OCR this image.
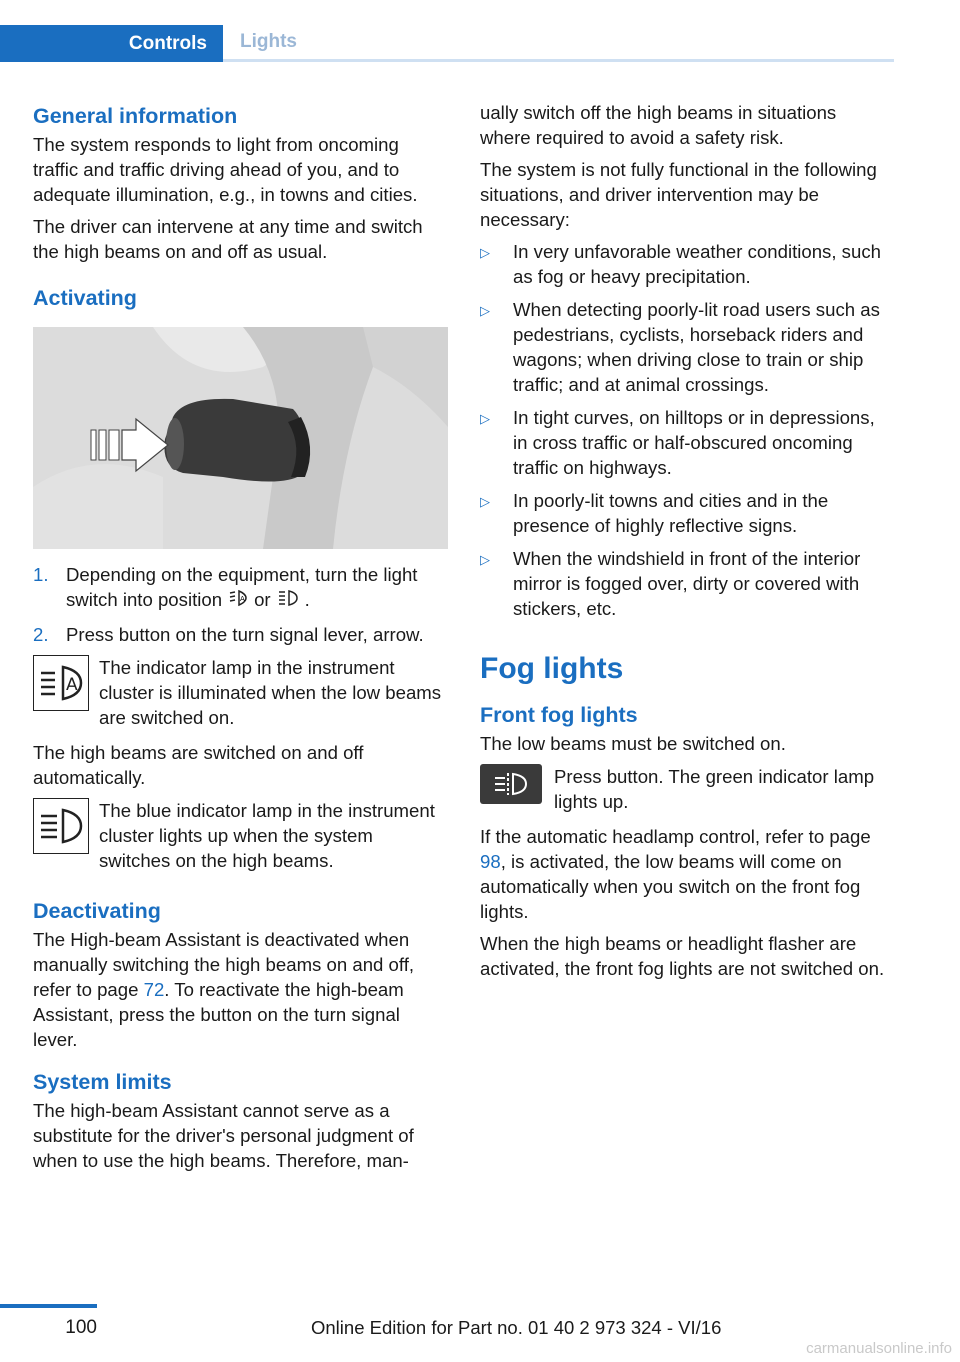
Controls Lights
General information

The system responds to light from oncoming traffic and traffic driving ahead of you, and to adequate illumination, e.g., in towns and cities.

The driver can intervene at any time and switch the high beams on and off as usual.

Activating
1. Depending on the equipment, turn the light switch into position	A or .
2. Press button on the turn signal lever, arrow.
A
The indicator lamp in the instrument cluster is illuminated when the low beams are switched on.

The high beams are switched on and off automatically.

The blue indicator lamp in the instrument cluster lights up when the system switches on the high beams.
Deactivating

The High-beam Assistant is deactivated when manually switching the high beams on and off, refer to page 72. To reactivate the high-beam Assistant, press the button on the turn signal lever.

System limits

The high-beam Assistant cannot serve as a substitute for the driver's personal judgment of when to use the high beams. Therefore, man-

ually switch off the high beams in situations where required to avoid a safety risk.

The system is not fully functional in the following situations, and driver intervention may be necessary:

▷	In very unfavorable weather conditions, such as fog or heavy precipitation.
▷	When detecting poorly-lit road users such as pedestrians, cyclists, horseback riders and wagons; when driving close to train or ship traffic; and at animal crossings.
▷	In tight curves, on hilltops or in depressions, in cross traffic or half-obscured oncoming traffic on highways.
▷	In poorly-lit towns and cities and in the presence of highly reflective signs.
▷	When the windshield in front of the interior mirror is fogged over, dirty or covered with stickers, etc.
Fog lights
Front fog lights

The low beams must be switched on.

Press button. The green indicator lamp lights up.

If the automatic headlamp control, refer to page 98, is activated, the low beams will come on automatically when you switch on the front fog lights.

When the high beams or headlight flasher are activated, the front fog lights are not switched on.

100	Online Edition for Part no. 01 40 2 973 324 - VI/16
carmanualsonline.info
